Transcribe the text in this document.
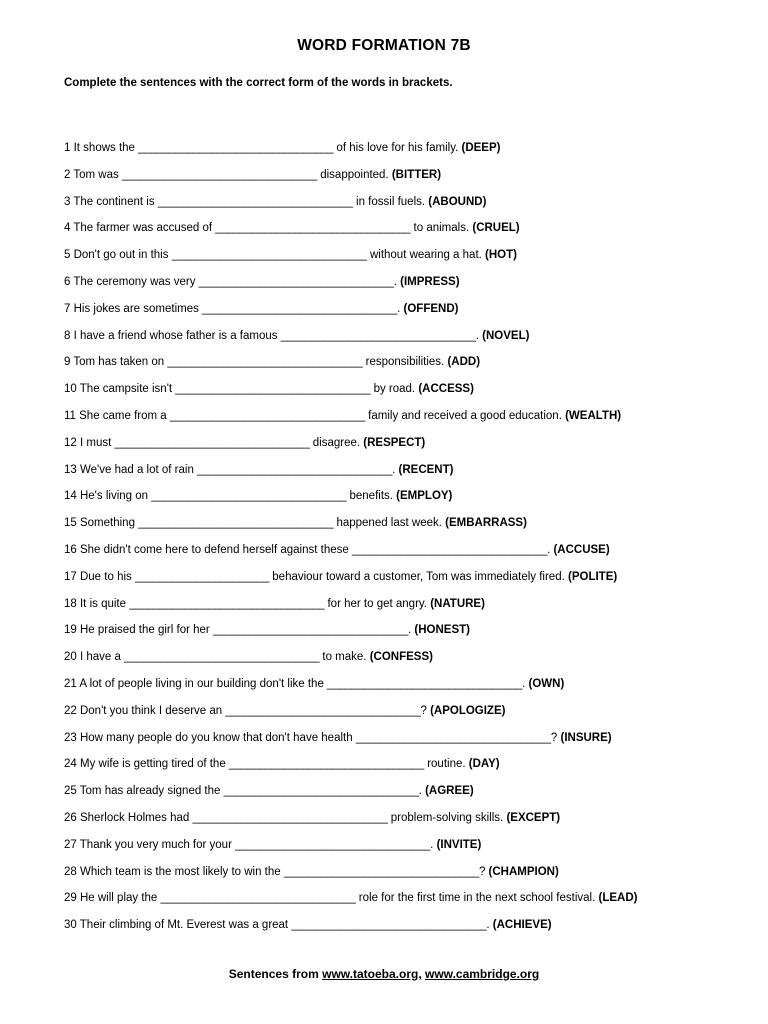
WORD FORMATION 7B
Complete the sentences with the correct form of the words in brackets.
1 It shows the ________________________________ of his love for his family. (DEEP)
2 Tom was ________________________________ disappointed. (BITTER)
3 The continent is ________________________________ in fossil fuels. (ABOUND)
4 The farmer was accused of ________________________________ to animals. (CRUEL)
5 Don't go out in this ________________________________ without wearing a hat. (HOT)
6 The ceremony was very ________________________________. (IMPRESS)
7 His jokes are sometimes ________________________________. (OFFEND)
8 I have a friend whose father is a famous ________________________________. (NOVEL)
9 Tom has taken on ________________________________ responsibilities. (ADD)
10 The campsite isn't ________________________________ by road. (ACCESS)
11 She came from a ________________________________ family and received a good education. (WEALTH)
12 I must ________________________________ disagree. (RESPECT)
13 We've had a lot of rain ________________________________. (RECENT)
14 He's living on ________________________________ benefits. (EMPLOY)
15 Something ________________________________ happened last week. (EMBARRASS)
16 She didn't come here to defend herself against these ________________________________. (ACCUSE)
17 Due to his ______________________ behaviour toward a customer, Tom was immediately fired. (POLITE)
18 It is quite ________________________________ for her to get angry. (NATURE)
19 He praised the girl for her ________________________________. (HONEST)
20 I have a ________________________________ to make. (CONFESS)
21 A lot of people living in our building don't like the ________________________________. (OWN)
22 Don't you think I deserve an ________________________________? (APOLOGIZE)
23 How many people do you know that don't have health ________________________________? (INSURE)
24 My wife is getting tired of the ________________________________ routine. (DAY)
25 Tom has already signed the ________________________________. (AGREE)
26 Sherlock Holmes had ________________________________ problem-solving skills. (EXCEPT)
27 Thank you very much for your ________________________________. (INVITE)
28 Which team is the most likely to win the ________________________________? (CHAMPION)
29 He will play the ________________________________ role for the first time in the next school festival. (LEAD)
30 Their climbing of Mt. Everest was a great ________________________________. (ACHIEVE)
Sentences from www.tatoeba.org, www.cambridge.org
